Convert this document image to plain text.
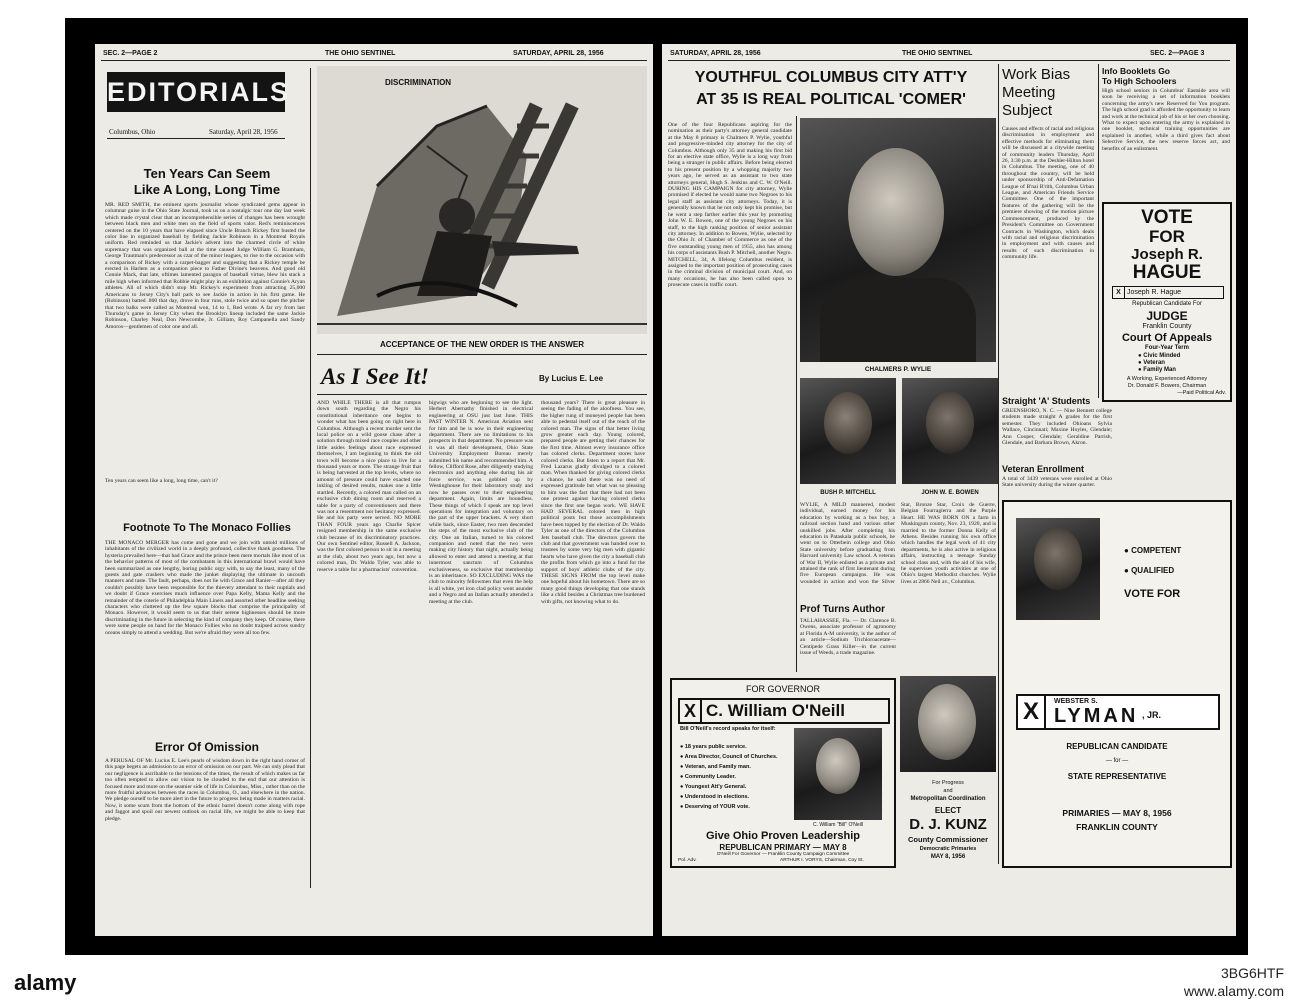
SEC. 2—PAGE 2	THE OHIO SENTINEL	SATURDAY, APRIL 28, 1956
EDITORIALS
Columbus, Ohio	Saturday, April 28, 1956
Ten Years Can Seem
Like A Long, Long Time
MR. RED SMITH, the eminent sports journalist whose syndicated gems appear in columnar guise in the Ohio State Journal, took us on a nostalgic tour one day last week which made crystal clear that an incomprehensible series of changes has been wrought between black men and white men on the field of sports valor. Red's reminiscences centered on the 10 years that have elapsed since Uncle Branch Rickey first busted the color line in organized baseball by fielding Jackie Robinson in a Montreal Royals uniform. Red reminded us that Jackie's advent into the charmed circle of white supremacy that was organized ball at the time caused Judge William G. Bramham, George Trautman's predecessor as czar of the minor leagues, to rise to the occasion with a comparison of Rickey with a carpet-bagger and suggesting that a Rickey temple be erected in Harlem as a companion piece to Father Divine's heavens. And good old Connie Mack, that late, oftimes lamented paragon of baseball virtue, blew his stack a mile high when informed that Robbie might play in an exhibition against Connie's Aryan athletes. All of which didn't stop Mr. Rickey's experiment from attracting 25,000 Americans to Jersey City's ball park to see Jackie in action in his first game. He (Robinson) batted .800 that day, drove in four runs, stole twice and so upset the pitcher that two balks were called as Montreal won, 14 to 1, Red wrote. A far cry from last Thursday's game in Jersey City when the Brooklyn lineup included the same Jackie Robinson, Charley Neal, Don Newcombe, Jr. Gilliam, Roy Campanella and Sandy Amoros—gentlemen of color one and all.
Ten years can seem like a long, long time, can't it?
Footnote To The Monaco Follies
THE MONACO MERGER has come and gone and we join with untold millions of inhabitants of the civilized world in a deeply profound, collective thank goodness. The hysteria prevailed here—that had Grace and the prince been mere mortals like most of us the behavior patterns of most of the combatants in this international brawl would have been summarized as one lengthy, boring public orgy with, to say the least, many of the guests and gate crashers who made the junket displaying the ultimate in uncouth manners and taste. The fault, perhaps, does not lie with Grace and Ranier—after all they couldn't possibly have been responsible for the thievery attendant to their nuptials and we doubt if Grace exercises much influence over Papa Kelly, Mama Kelly and the remainder of the coterie of Philadelphia Main Liners and assorted other headline seeking characters who cluttered up the few square blocks that comprise the principality of Monaco. However, it would seem to us that their serene highnesses should be more discriminating in the future in selecting the kind of company they keep. Of course, there were some people on hand for the Monaco Follies who no doubt traipsed across sundry oceans simply to attend a wedding. But we're afraid they were all too few.
Error Of Omission
A PERUSAL OF Mr. Lucius E. Lee's pearls of wisdom down in the right hand corner of this page begets an admission to an error of omission on our part. We can only plead that our negligence is ascribable to the tensions of the times, the result of which makes us far too often tempted to allow our vision to be clouded to the end that our attention is focused more and more on the seamier side of life in Columbus, Miss., rather than on the more fruitful advances between the races in Columbus, O., and elsewhere in the nation. We pledge ourself to be more alert in the future to progress being made in matters racial. Now, it some scum from the bottom of the ethnic barrel doesn't come along with rope and faggot and spoil our newest outlook on racial life, we might be able to keep that pledge.
DISCRIMINATION
ACCEPTANCE OF THE NEW ORDER IS THE ANSWER
As I See It!	By Lucius E. Lee
AND WHILE THERE is all that rumpus down south regarding the Negro his constitutional inheritance one begins to wonder what has been going on right here in Columbus. Although a recent murder sent the local police on a wild goose chase after a solution through mixed race couples and other little asides feelings about race expressed themselves, I am beginning to think the old town will become a nice place to live for a thousand years or more. The strange fruit that is being harvested at the top levels, where no amount of pressure could have exacted one inkling of desired results, makes one a little startled. Recently, a colored man called on an exclusive club dining room and reserved a table for a party of conventioners and there was not a resentment nor hesitancy expressed. He and his party were served. NO MORE THAN FOUR years ago Charlie Spicer resigned membership in the same exclusive club because of its discriminatory practices. Our own Sentinel editor, Russell A. Jackson, was the first colored person to sit in a meeting at the club, about two years ago, but now a colored man, Dr. Waldo Tyler, was able to reserve a table for a pharmacists' convention.
bigwigs who are beginning to see the light. Herbert Abernathy finished in electrical engineering at OSU just last June. THIS PAST WINTER N. American Aviation sent for him and he is now in their engineering department. There are no limitations to his prospects in that department. No pressure was it was all their development, Ohio State University Employment Bureau merely submitted his name and recommended him. A fellow, Clifford Rose, after diligently studying electronics and anything else during his air force service, was gobbled up by Westinghouse for their laboratory study and now he passes over to their engineering department. Again, limits are boundless. These things of which I speak are top level operations for integration and voluntary on the part of the upper brackets. A very short while back, since Easter, two men descended the steps of the most exclusive club of the city. One an Italian, turned to his colored companion and noted that the two were making city history that night, actually being allowed to enter and attend a meeting at that innermost sanctum of Columbus exclusiveness, so exclusive that membership is an inheritance. SO EXCLUDING WAS the club to minority fellowmen that even the help is all white, yet iron clad policy went asunder and a Negro and an Italian actually attended a meeting at the club.
thousand years? There is great pleasure in seeing the fading of the aloofness. You see, the higher rung of moneyed people has been able to pedestal itself out of the reach of the colored man. The signs of that better living grow greater each day. Young colored, prepared people are getting their chances for the first time. Almost every insurance office has colored clerks. Department stores have colored clerks. But listen to a report that Mr. Fred Lazarus gladly divulged to a colored man. When thanked for giving colored clerks a chance, he said there was no need of expressed gratitude but what was so pleasing to him was the fact that there had not been one protest against having colored clerks since the first one began work. WE HAVE HAD SEVERAL colored men in high political posts but those accomplishments have been topped by the election of Dr. Waldo Tyler as one of the directors of the Columbus Jets baseball club. The directors govern the club and that government was handed over to trustees by some very big men with gigantic hearts who have given the city a baseball club the profits from which go into a fund for the support of boys' athletic clubs of the city. THESE SIGNS FROM the top level make one hopeful about his hometown. There are so many good things developing that one stands like a child besides a Christmas tree burdened with gifts, not knowing what to do.
SATURDAY, APRIL 28, 1956	THE OHIO SENTINEL	SEC. 2—PAGE 3
YOUTHFUL COLUMBUS CITY ATT'Y
AT 35 IS REAL POLITICAL 'COMER'
One of the four Republicans aspiring for the nomination as their party's attorney general candidate at the May 8 primary is Chalmers P. Wylie, youthful and progressive-minded city attorney for the city of Columbus. Although only 35 and making his first bid for an elective state office, Wylie is a long way from being a stranger in public affairs. Before being elected to his present position by a whopping majority two years ago, he served as an assistant to two state attorneys general, Hugh S. Jenkins and C. W. O'Neill. DURING HIS CAMPAIGN for city attorney, Wylie promised if elected he would name two Negroes to his legal staff as assistant city attorneys. Today, it is generally known that he not only kept his promise, but he went a step farther earlier this year by promoting John W. E. Bowen, one of the young Negroes on his staff, to the high ranking position of senior assistant city attorney. In addition to Bowen, Wylie, selected by the Ohio Jr. of Chamber of Commerce as one of the five outstanding young men of 1955, also has among his corps of assistants Bush P. Mitchell, another Negro. MITCHELL, 34, A lifelong Columbus resident, is assigned to the important position of prosecuting cases in the criminal division of municipal court. And, on many occasions, he has also been called upon to prosecute cases in traffic court.
CHALMERS P. WYLIE
BUSH P. MITCHELL	JOHN W. E. BOWEN
WYLIE, A MILD mannered, modest individual, earned money for his education by working as a bus boy, a railroad section hand and various other unskilled jobs. After completing his education in Pataskala public schools, he went on to Otterbein college and Ohio State university before graduating from Harvard university Law school. A veteran of War II, Wylie enlisted as a private and attained the rank of first lieutenant during five European campaigns. He was wounded in action and won the Silver Star, Bronze Star, Croix de Guerre, Belgian Fourragierra and the Purple Heart. HE WAS BORN ON a farm in Muskingum county, Nov. 23, 1920, and is married to the former Donna Kelly of Athens. Besides running his own office which handles the legal work of 41 city departments, he is also active in religious affairs, instructing a teenage Sunday school class and, with the aid of his wife, he supervises youth activities at one of Ohio's largest Methodist churches. Wylie lives at 2866 Neil av., Columbus.
Prof Turns Author
TALLAHASSEE, Fla. — Dr. Clarence B. Owens, associate professor of agronomy at Florida A-M university, is the author of an article—Sodium Trichloroacetate—Centipede Grass Killer—in the current issue of Weeds, a trade magazine.
Work Bias
Meeting
Subject
Causes and effects of racial and religious discrimination in employment and effective methods for eliminating them will be discussed at a citywide meeting of community leaders Thursday, April 26, 3:30 p.m. at the Deshler-Hilton hotel in Columbus. The meeting, one of 40 throughout the country, will be held under sponsorship of Anti-Defamation League of B'nai B'rith, Columbus Urban League, and American Friends Service Committee. One of the important features of the gathering will be the premiere showing of the motion picture Commencement, produced by the President's Committee on Government Contracts in Washington, which deals with racial and religious discrimination in employment and with causes and results of such discrimination in community life.
Info Booklets Go
To High Schoolers
High school seniors in Columbus' Eastside area will soon be receiving a set of information booklets concerning the army's new Reserved for You program. The high school grad is afforded the opportunity to learn and work at the technical job of his or her own choosing. What to expect upon entering the army is explained in one booklet, technical training opportunities are explained in another, while a third gives fact about Selective Service, the new reserve forces act, and benefits of an enlistment.
VOTE
FOR
Joseph R.
HAGUE
X Joseph R. Hague
Republican Candidate For
JUDGE
Franklin County
Court Of Appeals
Four-Year Term
● Civic Minded
● Veteran
● Family Man
A Working, Experienced Attorney
Dr. Donald F. Bowers, Chairman
—Paid Political Adv.
Straight 'A' Students
GREENSBORO, N. C. — Nine Bennett college students made straight A grades for the first semester. They included Ohioans Sylvia Wallace, Cincinnati; Maxine Hoyles, Glendale; Ann Cooper, Glendale; Geraldine Parrish, Glendale, and Barbara Brown, Akron.
Veteran Enrollment
A total of 3439 veterans were enrolled at Ohio State university during the winter quarter.
FOR GOVERNOR
X C. William O'Neill
Bill O'Neill's record speaks for itself:
● 18 years public service.
● Area Director, Council of Churches.
● Veteran, and Family man.
● Community Leader.
● Youngest Att'y General.
● Understood in elections.
● Deserving of YOUR vote.
C. William "Bill" O'Neill
Give Ohio Proven Leadership
REPUBLICAN PRIMARY — MAY 8
O'Neill For Governor — Franklin County Campaign Committee
Pol. Adv.	ARTHUR I. VORYS, Chairman, Coy St.
For Progress
and
Metropolitan Coordination
ELECT
D. J. KUNZ
County Commissioner
Democratic Primaries
MAY 8, 1956
● COMPETENT
● QUALIFIED
VOTE FOR
X	WEBSTER S.
LYMAN , JR.
REPUBLICAN CANDIDATE
— for —
STATE REPRESENTATIVE
PRIMARIES — MAY 8, 1956
FRANKLIN COUNTY
alamy	3BG6HTF
www.alamy.com
